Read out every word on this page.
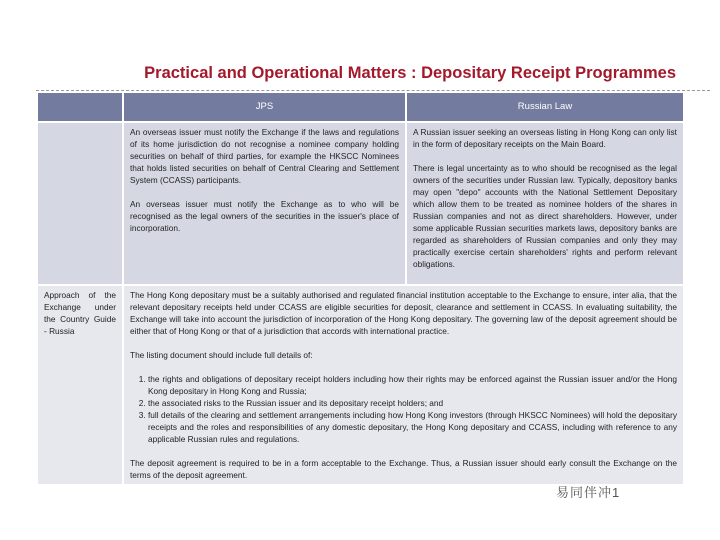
Practical and Operational Matters : Depositary Receipt Programmes
JPS	Russian Law

An overseas issuer must notify the Exchange if the laws and regulations of its home jurisdiction do not recognise a nominee company holding securities on behalf of third parties, for example the HKSCC Nominees that holds listed securities on behalf of Central Clearing and Settlement System (CCASS) participants.

An overseas issuer must notify the Exchange as to who will be recognised as the legal owners of the securities in the issuer's place of incorporation.

A Russian issuer seeking an overseas listing in Hong Kong can only list in the form of depositary receipts on the Main Board.

There is legal uncertainty as to who should be recognised as the legal owners of the securities under Russian law. Typically, depository banks may open "depo" accounts with the National Settlement Depositary which allow them to be treated as nominee holders of the shares in Russian companies and not as direct shareholders. However, under some applicable Russian securities markets laws, depository banks are regarded as shareholders of Russian companies and only they may practically exercise certain shareholders' rights and perform relevant obligations.

Approach of the Exchange under the Country Guide - Russia

The Hong Kong depositary must be a suitably authorised and regulated financial institution acceptable to the Exchange to ensure, inter alia, that the relevant depositary receipts held under CCASS are eligible securities for deposit, clearance and settlement in CCASS. In evaluating suitability, the Exchange will take into account the jurisdiction of incorporation of the Hong Kong depositary. The governing law of the deposit agreement should be either that of Hong Kong or that of a jurisdiction that accords with international practice.

The listing document should include full details of:

1. the rights and obligations of depositary receipt holders including how their rights may be enforced against the Russian issuer and/or the Hong Kong depositary in Hong Kong and Russia;
2. the associated risks to the Russian issuer and its depositary receipt holders; and
3. full details of the clearing and settlement arrangements including how Hong Kong investors (through HKSCC Nominees) will hold the depositary receipts and the roles and responsibilities of any domestic depositary, the Hong Kong depositary and CCASS, including with reference to any applicable Russian rules and regulations.

The deposit agreement is required to be in a form acceptable to the Exchange. Thus, a Russian issuer should early consult the Exchange on the terms of the deposit agreement.

易同伴冲1
